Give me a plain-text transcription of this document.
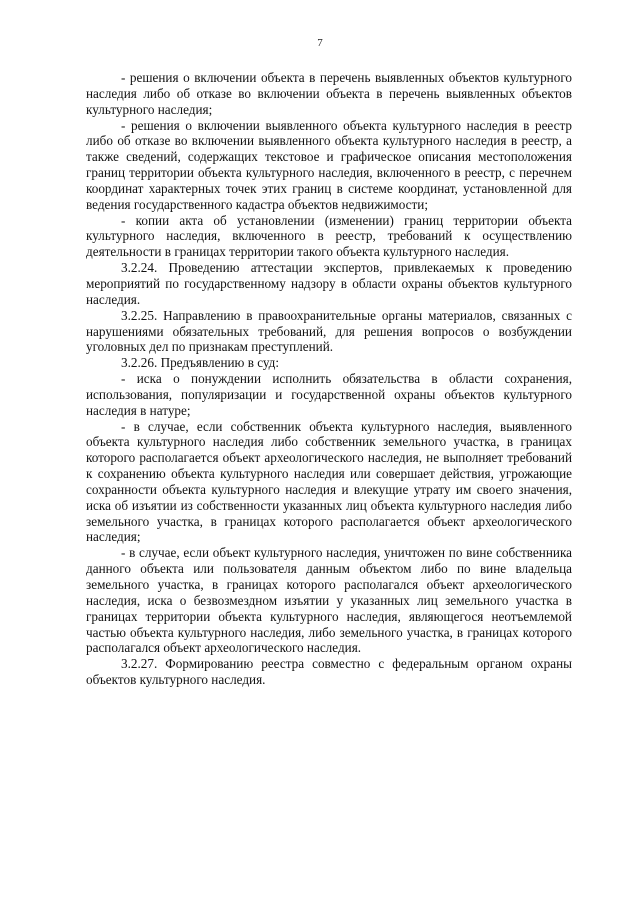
7

- решения о включении объекта в перечень выявленных объектов культурного наследия либо об отказе во включении объекта в перечень выявленных объектов культурного наследия;

- решения о включении выявленного объекта культурного наследия в реестр либо об отказе во включении выявленного объекта культурного наследия в реестр, а также сведений, содержащих текстовое и графическое описания местоположения границ территории объекта культурного наследия, включенного в реестр, с перечнем координат характерных точек этих границ в системе координат, установленной для ведения государственного кадастра объектов недвижимости;

- копии акта об установлении (изменении) границ территории объекта культурного наследия, включенного в реестр, требований к осуществлению деятельности в границах территории такого объекта культурного наследия.

3.2.24. Проведению аттестации экспертов, привлекаемых к проведению мероприятий по государственному надзору в области охраны объектов культурного наследия.

3.2.25. Направлению в правоохранительные органы материалов, связанных с нарушениями обязательных требований, для решения вопросов о возбуждении уголовных дел по признакам преступлений.

3.2.26. Предъявлению в суд:

- иска о понуждении исполнить обязательства в области сохранения, использования, популяризации и государственной охраны объектов культурного наследия в натуре;

- в случае, если собственник объекта культурного наследия, выявленного объекта культурного наследия либо собственник земельного участка, в границах которого располагается объект археологического наследия, не выполняет требований к сохранению объекта культурного наследия или совершает действия, угрожающие сохранности объекта культурного наследия и влекущие утрату им своего значения, иска об изъятии из собственности указанных лиц объекта культурного наследия либо земельного участка, в границах которого располагается объект археологического наследия;

- в случае, если объект культурного наследия, уничтожен по вине собственника данного объекта или пользователя данным объектом либо по вине владельца земельного участка, в границах которого располагался объект археологического наследия, иска о безвозмездном изъятии у указанных лиц земельного участка в границах территории объекта культурного наследия, являющегося неотъемлемой частью объекта культурного наследия, либо земельного участка, в границах которого располагался объект археологического наследия.

3.2.27. Формированию реестра совместно с федеральным органом охраны объектов культурного наследия.
